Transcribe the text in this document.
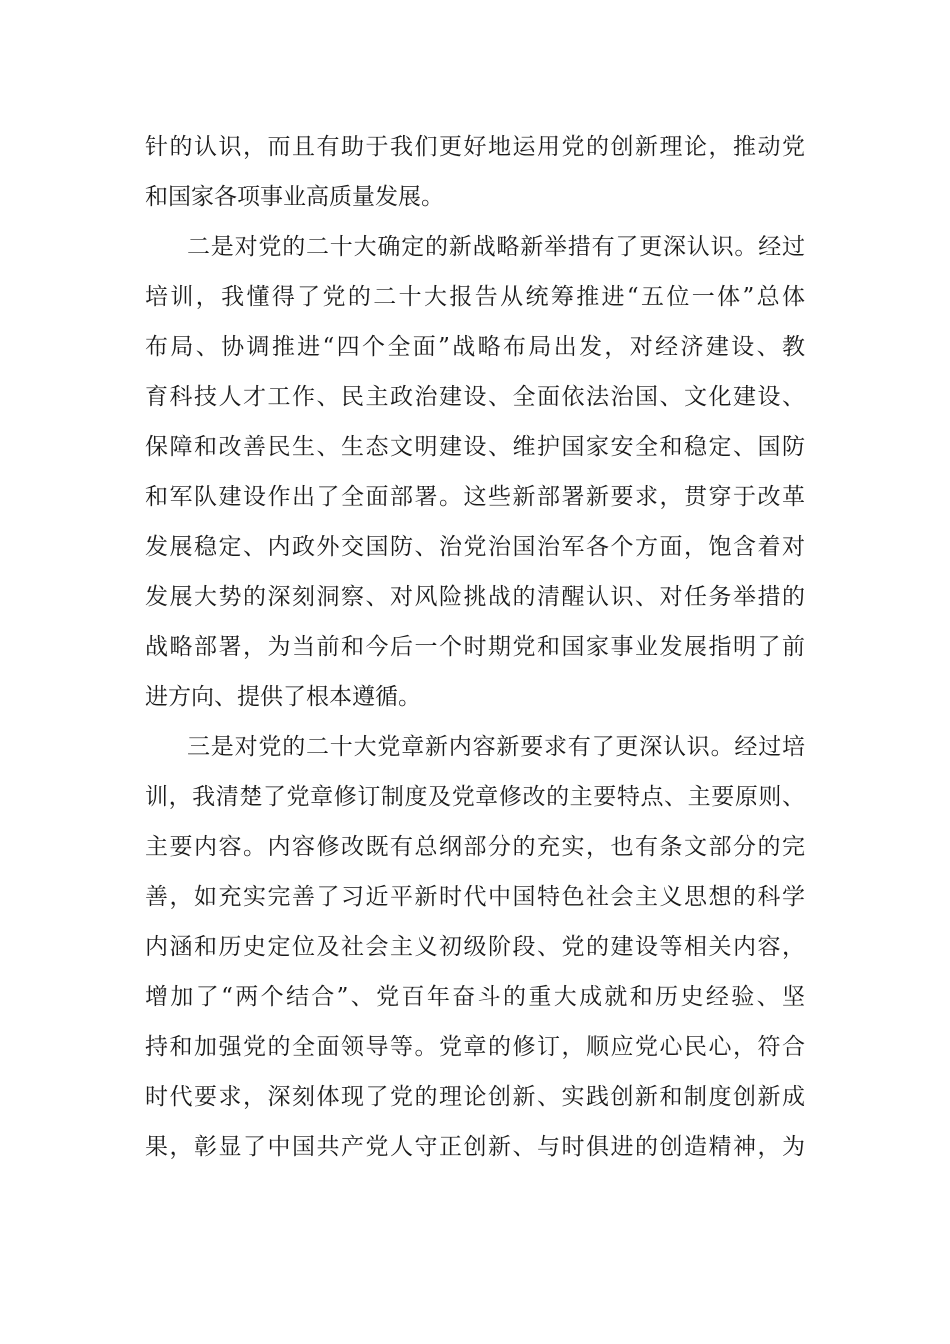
针的认识，而且有助于我们更好地运用党的创新理论，推动党
和国家各项事业高质量发展。
二是对党的二十大确定的新战略新举措有了更深认识。经过
培训，我懂得了党的二十大报告从统筹推进“五位一体”总体
布局、协调推进“四个全面”战略布局出发，对经济建设、教
育科技人才工作、民主政治建设、全面依法治国、文化建设、
保障和改善民生、生态文明建设、维护国家安全和稳定、国防
和军队建设作出了全面部署。这些新部署新要求，贯穿于改革
发展稳定、内政外交国防、治党治国治军各个方面，饱含着对
发展大势的深刻洞察、对风险挑战的清醒认识、对任务举措的
战略部署，为当前和今后一个时期党和国家事业发展指明了前
进方向、提供了根本遵循。
三是对党的二十大党章新内容新要求有了更深认识。经过培
训，我清楚了党章修订制度及党章修改的主要特点、主要原则、
主要内容。内容修改既有总纲部分的充实，也有条文部分的完
善，如充实完善了习近平新时代中国特色社会主义思想的科学
内涵和历史定位及社会主义初级阶段、党的建设等相关内容，
增加了“两个结合”、党百年奋斗的重大成就和历史经验、坚
持和加强党的全面领导等。党章的修订，顺应党心民心，符合
时代要求，深刻体现了党的理论创新、实践创新和制度创新成
果，彰显了中国共产党人守正创新、与时俱进的创造精神，为
